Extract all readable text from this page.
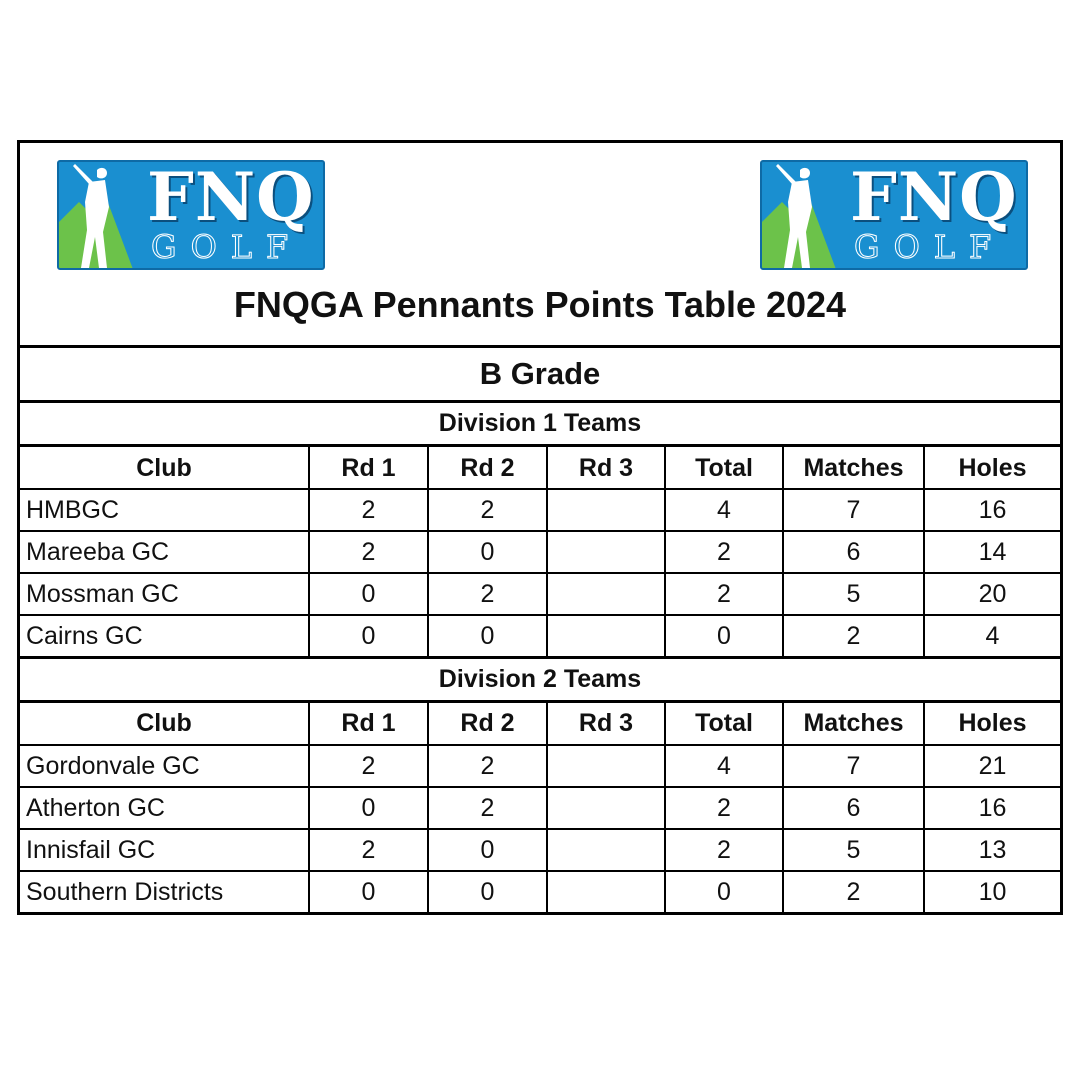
FNQ
GOLF
FNQ
GOLF
FNQGA Pennants Points Table 2024
B Grade
Division 1 Teams
Club	Rd 1	Rd 2	Rd 3	Total	Matches	Holes
HMBGC	2	2		4	7	16
Mareeba GC	2	0		2	6	14
Mossman GC	0	2		2	5	20
Cairns GC	0	0		0	2	4
Division 2 Teams
Club	Rd 1	Rd 2	Rd 3	Total	Matches	Holes
Gordonvale GC	2	2		4	7	21
Atherton GC	0	2		2	6	16
Innisfail GC	2	0		2	5	13
Southern Districts	0	0		0	2	10
